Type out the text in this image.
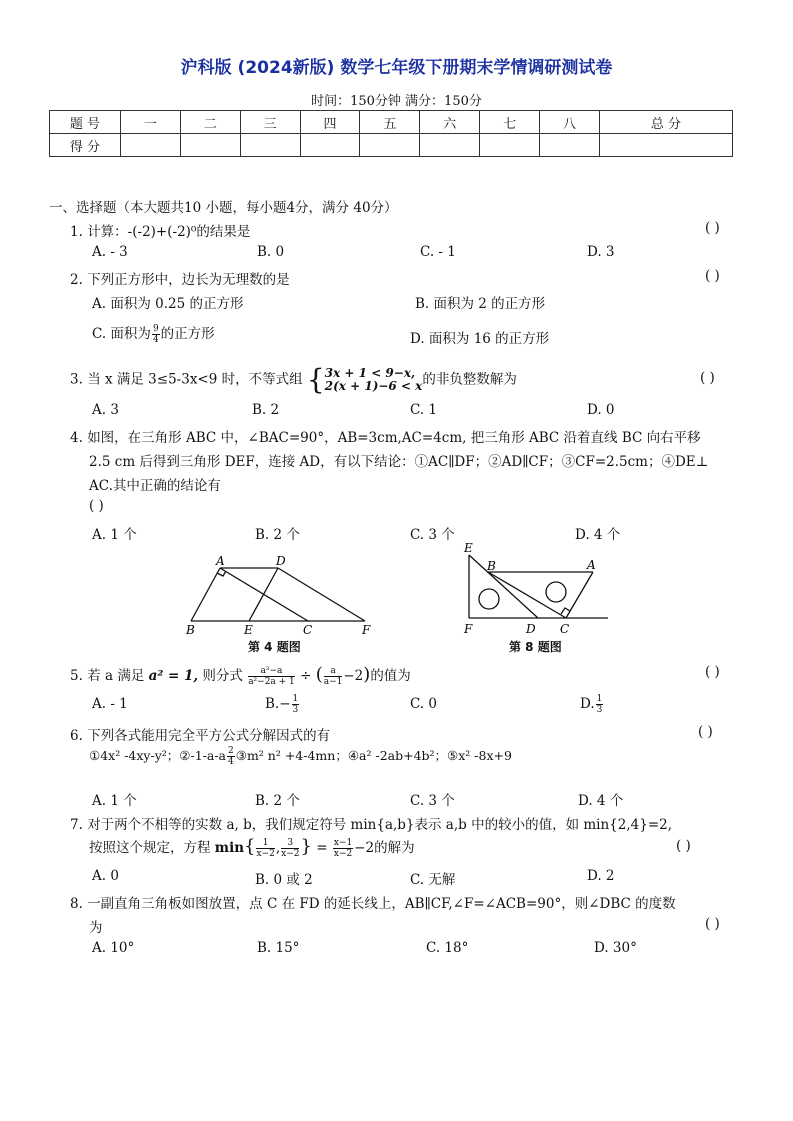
沪科版 (2024新版) 数学七年级下册期末学情调研测试卷
时间：150分钟 满分：150分
题 号	一	二	三	四	五	六	七	八	总 分
得 分									
一、选择题（本大题共10 小题，每小题4分，满分 40分）
1. 计算：-(-2)+(-2)⁰的结果是	( )
A. - 3	B. 0	C. - 1	D. 3
2. 下列正方形中，边长为无理数的是	( )
A. 面积为 0.25 的正方形	B. 面积为 2 的正方形
C. 面积为 $\frac{9}{4}$ 的正方形	D. 面积为 16 的正方形
3. 当 x 满足 3≤5-3x<9 时，不等式组 { 3x + 1 < 9−x,
2(x + 1)−6 < x 的非负整数解为	( )
A. 3	B. 2	C. 1	D. 0
4. 如图，在三角形 ABC 中，∠BAC=90°，AB=3cm,AC=4cm, 把三角形 ABC 沿着直线 BC 向右平移
2.5 cm 后得到三角形 DEF，连接 AD，有以下结论：①AC∥DF；②AD∥CF；③CF=2.5cm；④DE⊥
AC.其中正确的结论有
( )
A. 1 个	B. 2 个	C. 3 个	D. 4 个
A	D
B	E	C	F
第 4 题图
E
B	A
F	D C
第 8 题图
5. 若 a 满足 a² = 1, 则分式 $\frac{\text{a²−a}}{\text{a²−2a + 1}}$ ÷ ( $\frac{a}{a-1} -2$)的值为	( )
A. - 1	$B.- \frac{1}{3}$	C. 0	D. $\frac{1}{3}$
6. 下列各式能用完全平方公式分解因式的有	( )
①4x² -4xy-y²；②-1-a-a $\frac{2}{4}$ ③m² n² +4-4mn；④a² -2ab+4b²；⑤x² -8x+9
A. 1 个	B. 2 个	C. 3 个	D. 4 个
7. 对于两个不相等的实数 a, b，我们规定符号 min{a,b}表示 a,b 中的较小的值，如 min{2,4}=2,
按照这个规定，方程 $\min\{ \frac{1}{x-2}$ , $\frac{3}{x-2}$ } = $\frac{x-1}{x-2} -2$的解为	( )
A. 0	B. 0 或 2	C. 无解	D. 2
8. 一副直角三角板如图放置，点 C 在 FD 的延长线上，AB∥CF,∠F=∠ACB=90°，则∠DBC 的度数
为	( )
A. 10°	B. 15°	C. 18°	D. 30°
